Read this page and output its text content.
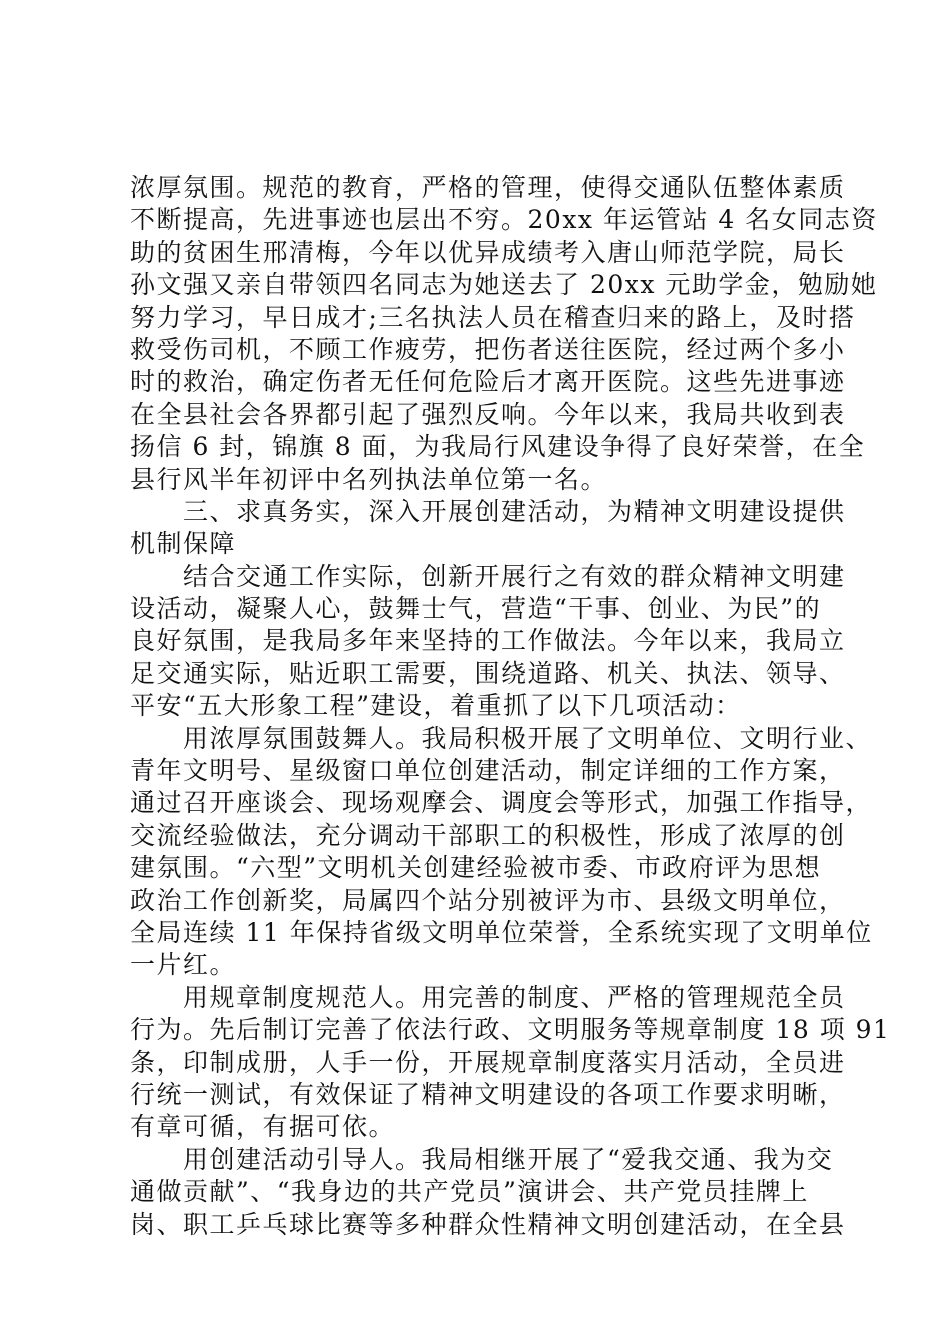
浓厚氛围。规范的教育，严格的管理，使得交通队伍整体素质
不断提高，先进事迹也层出不穷。20xx 年运管站 4 名女同志资
助的贫困生邢清梅，今年以优异成绩考入唐山师范学院，局长
孙文强又亲自带领四名同志为她送去了 20xx 元助学金，勉励她
努力学习，早日成才;三名执法人员在稽查归来的路上，及时搭
救受伤司机，不顾工作疲劳，把伤者送往医院，经过两个多小
时的救治，确定伤者无任何危险后才离开医院。这些先进事迹
在全县社会各界都引起了强烈反响。今年以来，我局共收到表
扬信 6 封，锦旗 8 面，为我局行风建设争得了良好荣誉，在全
县行风半年初评中名列执法单位第一名。
　　三、求真务实，深入开展创建活动，为精神文明建设提供
机制保障
　　结合交通工作实际，创新开展行之有效的群众精神文明建
设活动，凝聚人心，鼓舞士气，营造“干事、创业、为民”的
良好氛围，是我局多年来坚持的工作做法。今年以来，我局立
足交通实际，贴近职工需要，围绕道路、机关、执法、领导、
平安“五大形象工程”建设，着重抓了以下几项活动：
　　用浓厚氛围鼓舞人。我局积极开展了文明单位、文明行业、
青年文明号、星级窗口单位创建活动，制定详细的工作方案，
通过召开座谈会、现场观摩会、调度会等形式，加强工作指导，
交流经验做法，充分调动干部职工的积极性，形成了浓厚的创
建氛围。“六型”文明机关创建经验被市委、市政府评为思想
政治工作创新奖，局属四个站分别被评为市、县级文明单位，
全局连续 11 年保持省级文明单位荣誉，全系统实现了文明单位
一片红。
　　用规章制度规范人。用完善的制度、严格的管理规范全员
行为。先后制订完善了依法行政、文明服务等规章制度 18 项 91
条，印制成册，人手一份，开展规章制度落实月活动，全员进
行统一测试，有效保证了精神文明建设的各项工作要求明晰，
有章可循，有据可依。
　　用创建活动引导人。我局相继开展了“爱我交通、我为交
通做贡献”、“我身边的共产党员”演讲会、共产党员挂牌上
岗、职工乒乓球比赛等多种群众性精神文明创建活动，在全县
